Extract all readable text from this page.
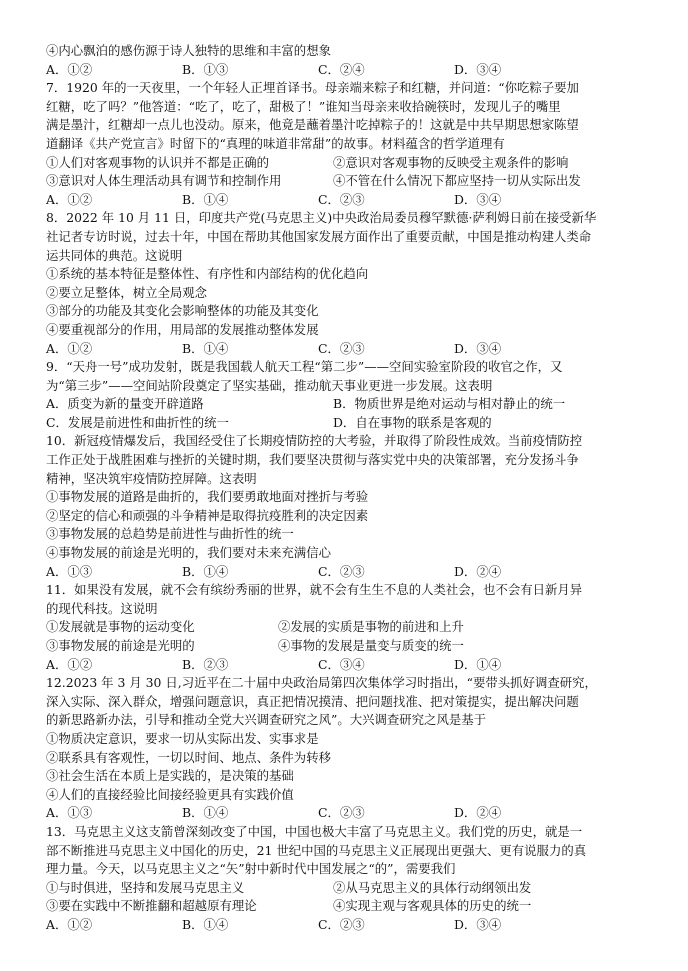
④内心飘泊的感伤源于诗人独特的思维和丰富的想象
A．①②	B．①③	C．②④	D．③④
7．1920 年的一天夜里，一个年轻人正埋首译书。母亲端来粽子和红糖，并问道：“你吃粽子要加
红糖，吃了吗？”他答道：“吃了，吃了，甜极了！”谁知当母亲来收拾碗筷时，发现儿子的嘴里
满是墨汁，红糖却一点儿也没动。原来，他竟是蘸着墨汁吃掉粽子的！这就是中共早期思想家陈望
道翻译《共产党宣言》时留下的“真理的味道非常甜”的故事。材料蕴含的哲学道理有
①人们对客观事物的认识并不都是正确的	②意识对客观事物的反映受主观条件的影响
③意识对人体生理活动具有调节和控制作用	④不管在什么情况下都应坚持一切从实际出发
A．①②	B．①④	C．②③	D．③④
8．2022 年 10 月 11 日，印度共产党(马克思主义)中央政治局委员穆罕默德·萨利姆日前在接受新华
社记者专访时说，过去十年，中国在帮助其他国家发展方面作出了重要贡献，中国是推动构建人类命
运共同体的典范。这说明
①系统的基本特征是整体性、有序性和内部结构的优化趋向
②要立足整体，树立全局观念
③部分的功能及其变化会影响整体的功能及其变化
④要重视部分的作用，用局部的发展推动整体发展
A．①②	B．①④	C．②③	D．③④
9．“天舟一号”成功发射，既是我国载人航天工程“第二步”——空间实验室阶段的收官之作，又
为“第三步”——空间站阶段奠定了坚实基础，推动航天事业更进一步发展。这表明
A．质变为新的量变开辟道路	B．物质世界是绝对运动与相对静止的统一
C．发展是前进性和曲折性的统一	D．自在事物的联系是客观的
10．新冠疫情爆发后，我国经受住了长期疫情防控的大考验，并取得了阶段性成效。当前疫情防控
工作正处于战胜困难与挫折的关键时期，我们要坚决贯彻与落实党中央的决策部署，充分发扬斗争
精神，坚决筑牢疫情防控屏障。这表明
①事物发展的道路是曲折的，我们要勇敢地面对挫折与考验
②坚定的信心和顽强的斗争精神是取得抗疫胜利的决定因素
③事物发展的总趋势是前进性与曲折性的统一
④事物发展的前途是光明的，我们要对未来充满信心
A．①③	B．①④	C．②③	D．②④
11．如果没有发展，就不会有缤纷秀丽的世界，就不会有生生不息的人类社会，也不会有日新月异
的现代科技。这说明
①发展就是事物的运动变化	②发展的实质是事物的前进和上升
③事物发展的前途是光明的	④事物的发展是量变与质变的统一
A．①②	B．②③	C．③④	D．①④
12.2023 年 3 月 30 日,习近平在二十届中央政治局第四次集体学习时指出，“要带头抓好调查研究，
深入实际、深入群众，增强问题意识，真正把情况摸清、把问题找准、把对策提实，提出解决问题
的新思路新办法，引导和推动全党大兴调查研究之风”。大兴调查研究之风是基于
①物质决定意识，要求一切从实际出发、实事求是
②联系具有客观性，一切以时间、地点、条件为转移
③社会生活在本质上是实践的，是决策的基础
④人们的直接经验比间接经验更具有实践价值
A．①③	B．①④	C．②③	D．②④
13．马克思主义这支箭曾深刻改变了中国，中国也极大丰富了马克思主义。我们党的历史，就是一
部不断推进马克思主义中国化的历史，21 世纪中国的马克思主义正展现出更强大、更有说服力的真
理力量。今天，以马克思主义之“矢”射中新时代中国发展之“的”，需要我们
①与时俱进，坚持和发展马克思主义	②从马克思主义的具体行动纲领出发
③要在实践中不断推翻和超越原有理论	④实现主观与客观具体的历史的统一
A．①②	B．①④	C．②③	D．③④
